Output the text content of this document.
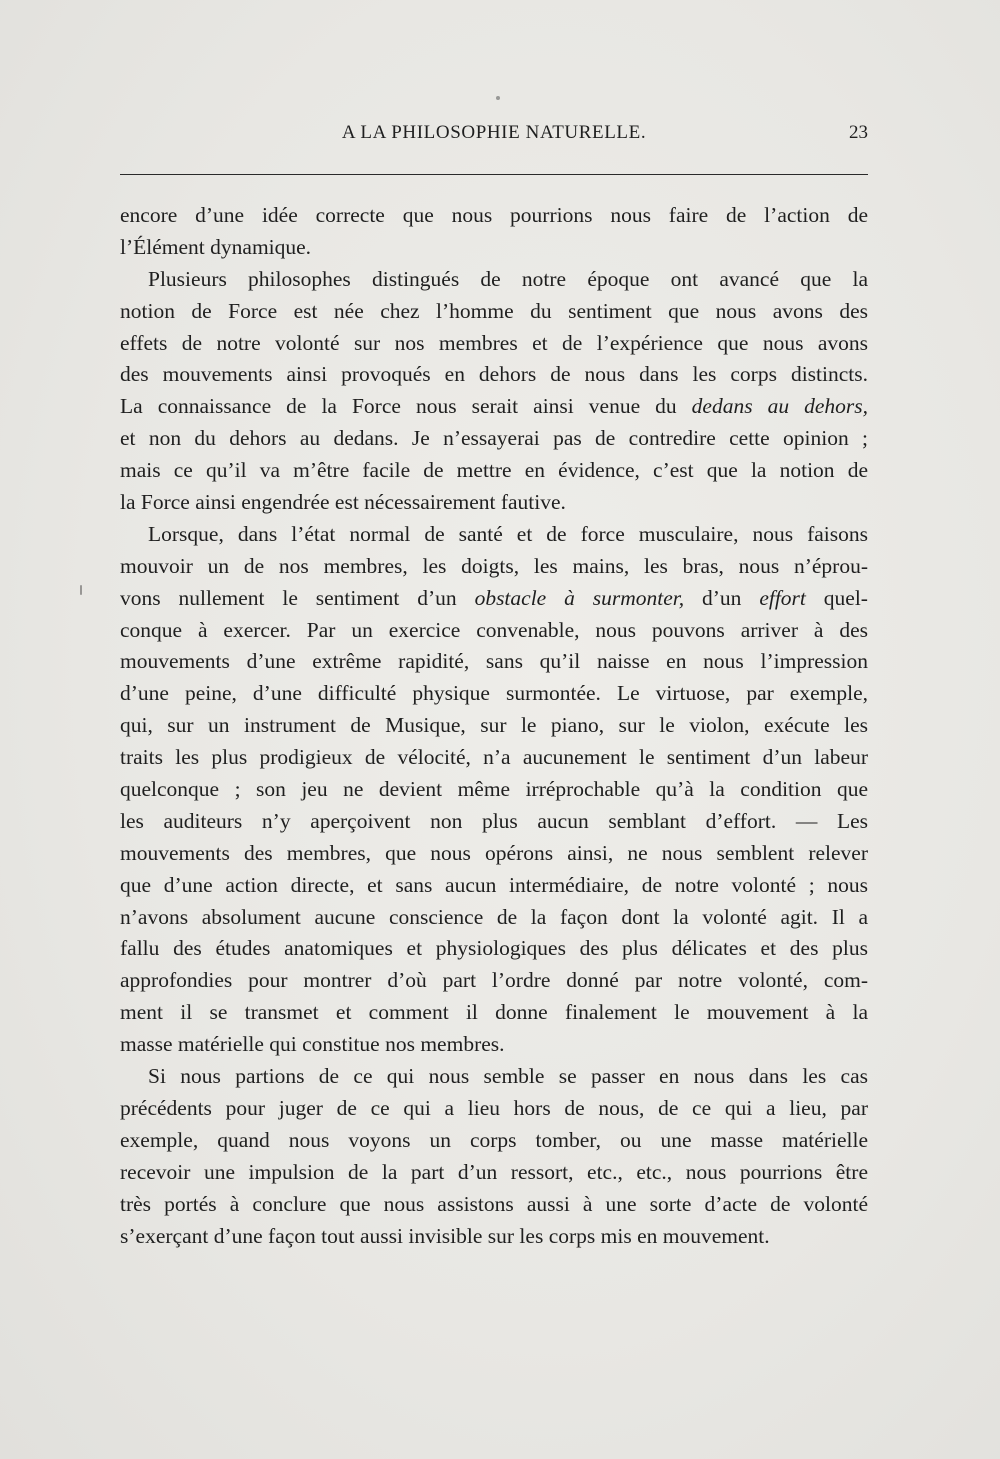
A LA PHILOSOPHIE NATURELLE.	23
encore d’une idée correcte que nous pourrions nous faire de l’action de
l’Élément dynamique.
Plusieurs philosophes distingués de notre époque ont avancé que la
notion de Force est née chez l’homme du sentiment que nous avons des
effets de notre volonté sur nos membres et de l’expérience que nous avons
des mouvements ainsi provoqués en dehors de nous dans les corps distincts.
La connaissance de la Force nous serait ainsi venue du dedans au dehors,
et non du dehors au dedans. Je n’essayerai pas de contredire cette opinion ;
mais ce qu’il va m’être facile de mettre en évidence, c’est que la notion de
la Force ainsi engendrée est nécessairement fautive.
Lorsque, dans l’état normal de santé et de force musculaire, nous faisons
mouvoir un de nos membres, les doigts, les mains, les bras, nous n’éprou-
vons nullement le sentiment d’un obstacle à surmonter, d’un effort quel-
conque à exercer. Par un exercice convenable, nous pouvons arriver à des
mouvements d’une extrême rapidité, sans qu’il naisse en nous l’impression
d’une peine, d’une difficulté physique surmontée. Le virtuose, par exemple,
qui, sur un instrument de Musique, sur le piano, sur le violon, exécute les
traits les plus prodigieux de vélocité, n’a aucunement le sentiment d’un labeur
quelconque ; son jeu ne devient même irréprochable qu’à la condition que
les auditeurs n’y aperçoivent non plus aucun semblant d’effort. — Les
mouvements des membres, que nous opérons ainsi, ne nous semblent relever
que d’une action directe, et sans aucun intermédiaire, de notre volonté ; nous
n’avons absolument aucune conscience de la façon dont la volonté agit. Il a
fallu des études anatomiques et physiologiques des plus délicates et des plus
approfondies pour montrer d’où part l’ordre donné par notre volonté, com-
ment il se transmet et comment il donne finalement le mouvement à la
masse matérielle qui constitue nos membres.
Si nous partions de ce qui nous semble se passer en nous dans les cas
précédents pour juger de ce qui a lieu hors de nous, de ce qui a lieu, par
exemple, quand nous voyons un corps tomber, ou une masse matérielle
recevoir une impulsion de la part d’un ressort, etc., etc., nous pourrions être
très portés à conclure que nous assistons aussi à une sorte d’acte de volonté
s’exerçant d’une façon tout aussi invisible sur les corps mis en mouvement.
